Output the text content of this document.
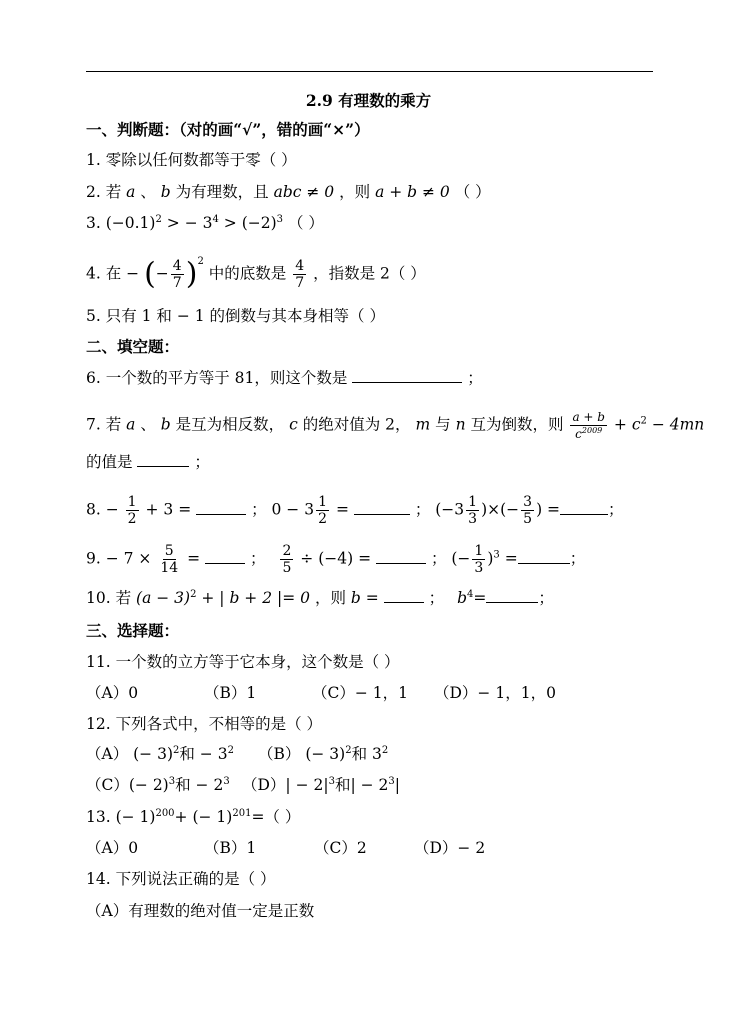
2.9 有理数的乘方
一、判断题：（对的画“√”，错的画“×”）
1. 零除以任何数都等于零（ ）
2. 若 a 、 b 为有理数，且 abc ≠ 0 ，则 a + b ≠ 0 （ ）
3. $(-0.1)^2$ > − $3^4 > (-2)^3$ （ ）
4. 在 − (− $\frac{4}{7} )^2$ 中的底数是 $\frac{4}{7}$ ，指数是 2（ ）
5. 只有 1 和 − 1 的倒数与其本身相等（ ）
二、填空题：
6. 一个数的平方等于 81，则这个数是	；
7. 若 a 、 b 是互为相反数， c 的绝对值为 2， m 与 n 互为倒数，则 $\frac{a + b}{c^{2009}} + c^2 - 4mn$
的值是	；
8. − $\frac{1}{2} + 3$ =	； $0 - 3 \frac{1}{2}$ =	； ($-3 \frac{1}{3}$ )×(− $\frac{3}{5}$ ) =	；
9. − $7 \times \frac{5}{14}$ =	； $\frac{2}{5} \div (-4)$ =	； (− $\frac{1}{3} )^3$ =	；
10. 若 $(a - 3)^2$ + | b + 2 |= 0 ，则 b =	； $b^4=$	；
三、选择题：
11. 一个数的立方等于它本身，这个数是（ ）
（A）0	（B）1	（C）− 1，1 （D）− 1，1，0
12. 下列各式中，不相等的是（ ）
（A） (− 3)$^2$和 − $3^2$ （B） (− 3)$^2$和 $3^2$
$(C)(- 2)^3$和 − $2^3$ $(D)| - 2|^3$和| − $2^3|$
13. (− 1)$^{200}$+ (− 1)$^{201}$=（ ）
（A）0	（B）1	（C）2	（D）− 2
14. 下列说法正确的是（ ）
（A）有理数的绝对值一定是正数
